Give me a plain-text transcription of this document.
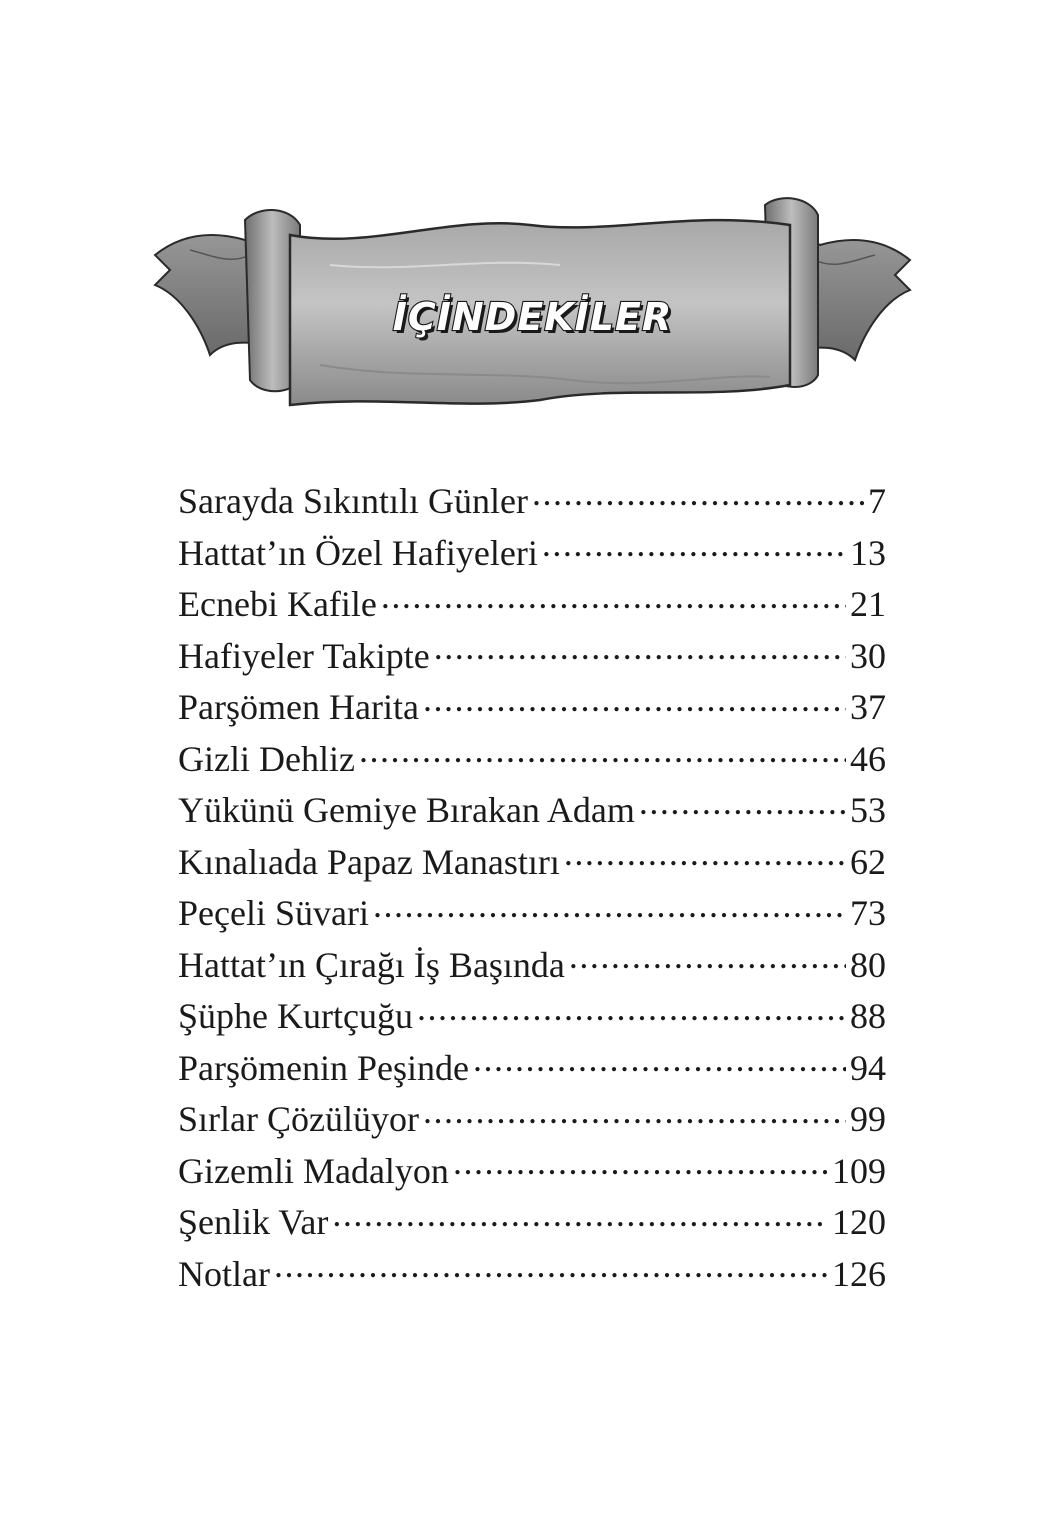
İÇİNDEKİLER
Sarayda Sıkıntılı Günler .....	7
Hattat’ın Özel Hafiyeleri .....	13
Ecnebi Kafile .....	21
Hafiyeler Takipte .....	30
Parşömen Harita .....	37
Gizli Dehliz .....	46
Yükünü Gemiye Bırakan Adam .....	53
Kınalıada Papaz Manastırı .....	62
Peçeli Süvari .....	73
Hattat’ın Çırağı İş Başında .....	80
Şüphe Kurtçuğu .....	88
Parşömenin Peşinde .....	94
Sırlar Çözülüyor .....	99
Gizemli Madalyon .....	109
Şenlik Var .....	120
Notlar .....	126
